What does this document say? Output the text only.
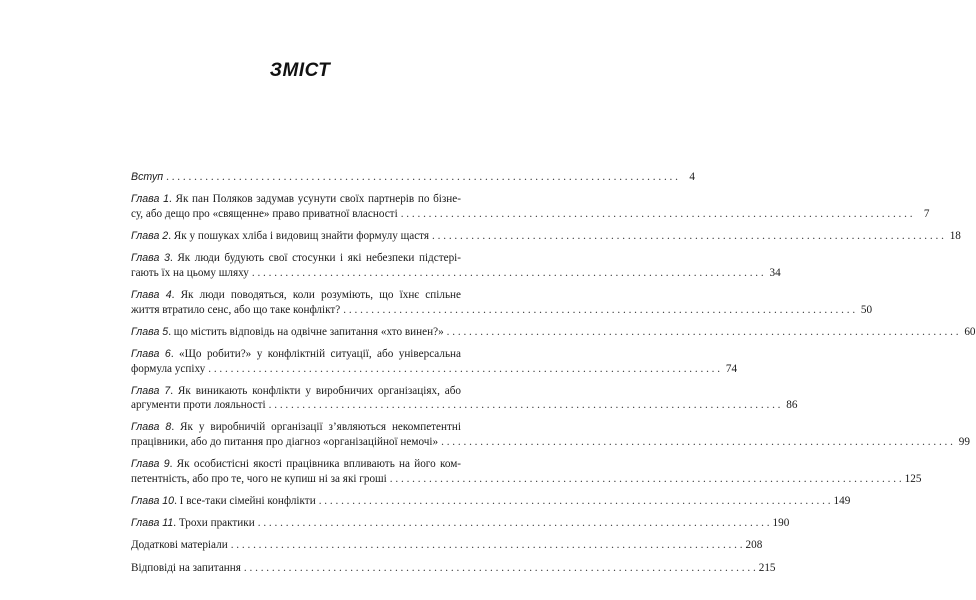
ЗМІСТ
Вступ . . .	4
Глава 1. Як пан Поляков задумав усунути своїх партнерів по бізне-
су, або дещо про «священне» право приватної власності . . .	7
Глава 2. Як у пошуках хліба і видовищ знайти формулу щастя . . .	18
Глава 3. Як люди будують свої стосунки і які небезпеки підстері-
гають їх на цьому шляху . . .	34
Глава 4. Як люди поводяться, коли розуміють, що їхнє спільне
життя втратило сенс, або що таке конфлікт? . . .	50
Глава 5. що містить відповідь на одвічне запитання «хто винен?» . . .	60
Глава 6. «Що робити?» у конфліктній ситуації, або універсальна
формула успіху . . .	74
Глава 7. Як виникають конфлікти у виробничих організаціях, або
аргументи проти лояльності . . .	86
Глава 8. Як у виробничій організації з’являються некомпетентні
працівники, або до питання про діагноз «організаційної немочі» . . .	99
Глава 9. Як особистісні якості працівника впливають на його ком-
петентність, або про те, чого не купиш ні за які гроші . . .	125
Глава 10. І все-таки сімейні конфлікти . . .	149
Глава 11. Трохи практики . . .	190
Додаткові матеріали . . .	208
Відповіді на запитання . . .	215
